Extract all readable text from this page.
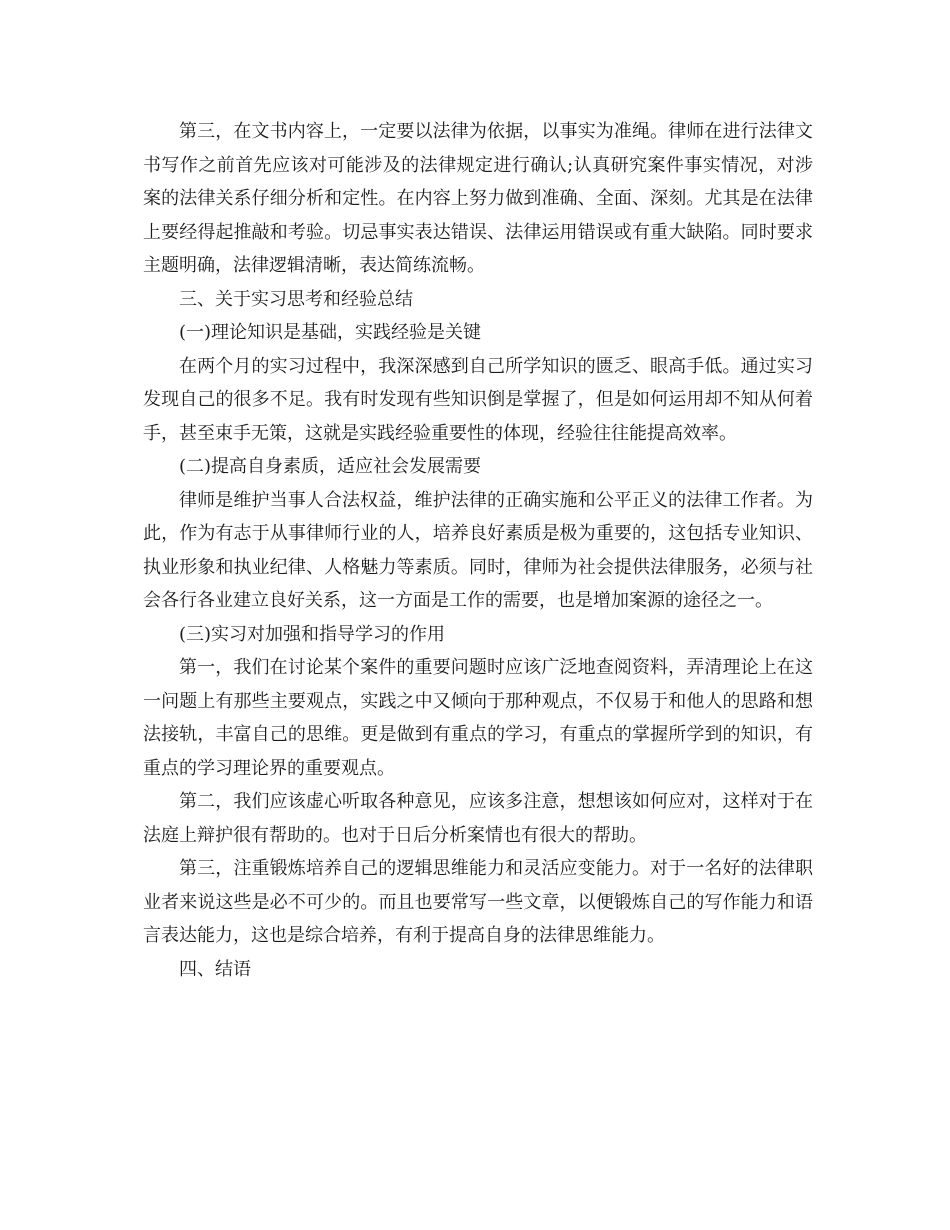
第三，在文书内容上，一定要以法律为依据，以事实为准绳。律师在进行法律文书写作之前首先应该对可能涉及的法律规定进行确认;认真研究案件事实情况，对涉案的法律关系仔细分析和定性。在内容上努力做到准确、全面、深刻。尤其是在法律上要经得起推敲和考验。切忌事实表达错误、法律运用错误或有重大缺陷。同时要求主题明确，法律逻辑清晰，表达简练流畅。

三、关于实习思考和经验总结

(一)理论知识是基础，实践经验是关键

在两个月的实习过程中，我深深感到自己所学知识的匮乏、眼高手低。通过实习发现自己的很多不足。我有时发现有些知识倒是掌握了，但是如何运用却不知从何着手，甚至束手无策，这就是实践经验重要性的体现，经验往往能提高效率。

(二)提高自身素质，适应社会发展需要

律师是维护当事人合法权益，维护法律的正确实施和公平正义的法律工作者。为此，作为有志于从事律师行业的人，培养良好素质是极为重要的，这包括专业知识、执业形象和执业纪律、人格魅力等素质。同时，律师为社会提供法律服务，必须与社会各行各业建立良好关系，这一方面是工作的需要，也是增加案源的途径之一。

(三)实习对加强和指导学习的作用

第一，我们在讨论某个案件的重要问题时应该广泛地查阅资料，弄清理论上在这一问题上有那些主要观点，实践之中又倾向于那种观点，不仅易于和他人的思路和想法接轨，丰富自己的思维。更是做到有重点的学习，有重点的掌握所学到的知识，有重点的学习理论界的重要观点。

第二，我们应该虚心听取各种意见，应该多注意，想想该如何应对，这样对于在法庭上辩护很有帮助的。也对于日后分析案情也有很大的帮助。

第三，注重锻炼培养自己的逻辑思维能力和灵活应变能力。对于一名好的法律职业者来说这些是必不可少的。而且也要常写一些文章，以便锻炼自己的写作能力和语言表达能力，这也是综合培养，有利于提高自身的法律思维能力。

四、结语
